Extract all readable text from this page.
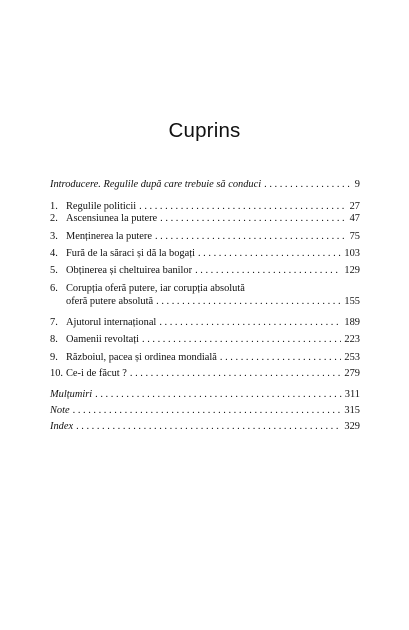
Cuprins
Introducere. Regulile după care trebuie să conduci . . .	9
1. Regulile politicii . . .	27
2. Ascensiunea la putere . . .	47
3. Menținerea la putere . . .	75
4. Fură de la săraci și dă la bogați . . .	103
5. Obținerea și cheltuirea banilor . . .	129
6. Corupția oferă putere, iar corupția absolută
oferă putere absolută . . .	155
7. Ajutorul internațional . . .	189
8. Oamenii revoltați . . .	223
9. Războiul, pacea și ordinea mondială . . .	253
10. Ce-i de făcut ? . . .	279
Mulțumiri . . .	311
Note . . .	315
Index . . .	329
